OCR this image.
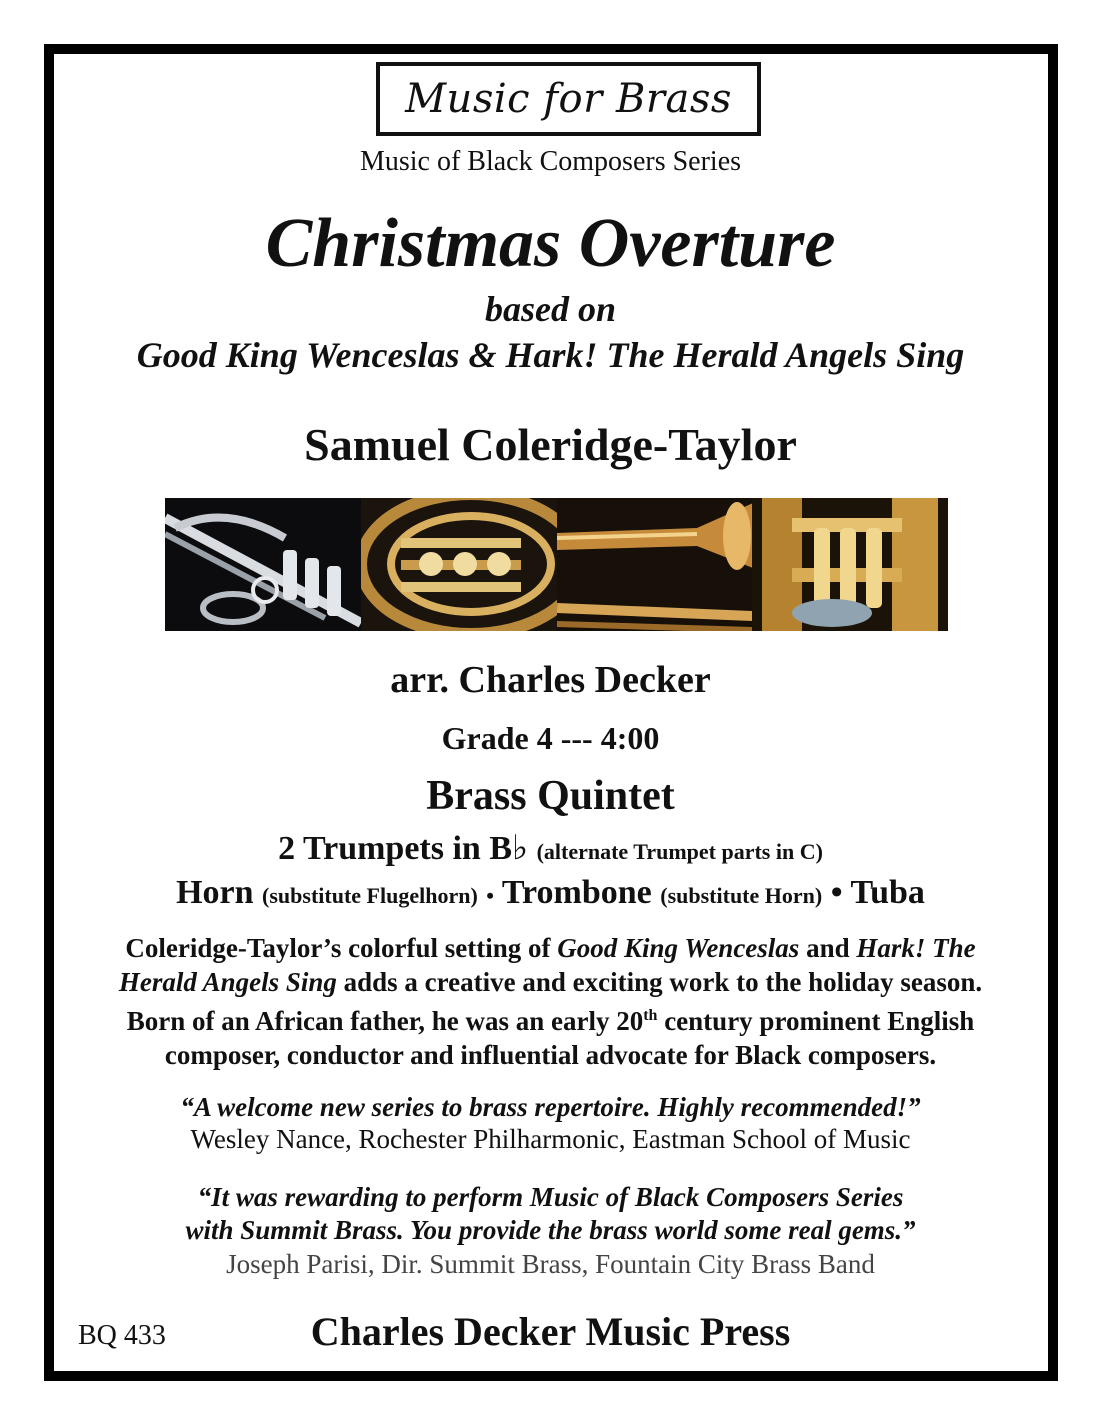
Music for Brass
Music of Black Composers Series
Christmas Overture
based on
Good King Wenceslas & Hark! The Herald Angels Sing
Samuel Coleridge-Taylor
arr. Charles Decker
Grade 4 --- 4:00
Brass Quintet
2 Trumpets in B♭ (alternate Trumpet parts in C)
Horn (substitute Flugelhorn) • Trombone (substitute Horn) • Tuba
Coleridge-Taylor’s colorful setting of Good King Wenceslas and Hark! The
Herald Angels Sing adds a creative and exciting work to the holiday season.
Born of an African father, he was an early 20th century prominent English
composer, conductor and influential advocate for Black composers.
“A welcome new series to brass repertoire. Highly recommended!”
Wesley Nance, Rochester Philharmonic, Eastman School of Music
“It was rewarding to perform Music of Black Composers Series
with Summit Brass. You provide the brass world some real gems.”
Joseph Parisi, Dir. Summit Brass, Fountain City Brass Band
BQ 433	Charles Decker Music Press
